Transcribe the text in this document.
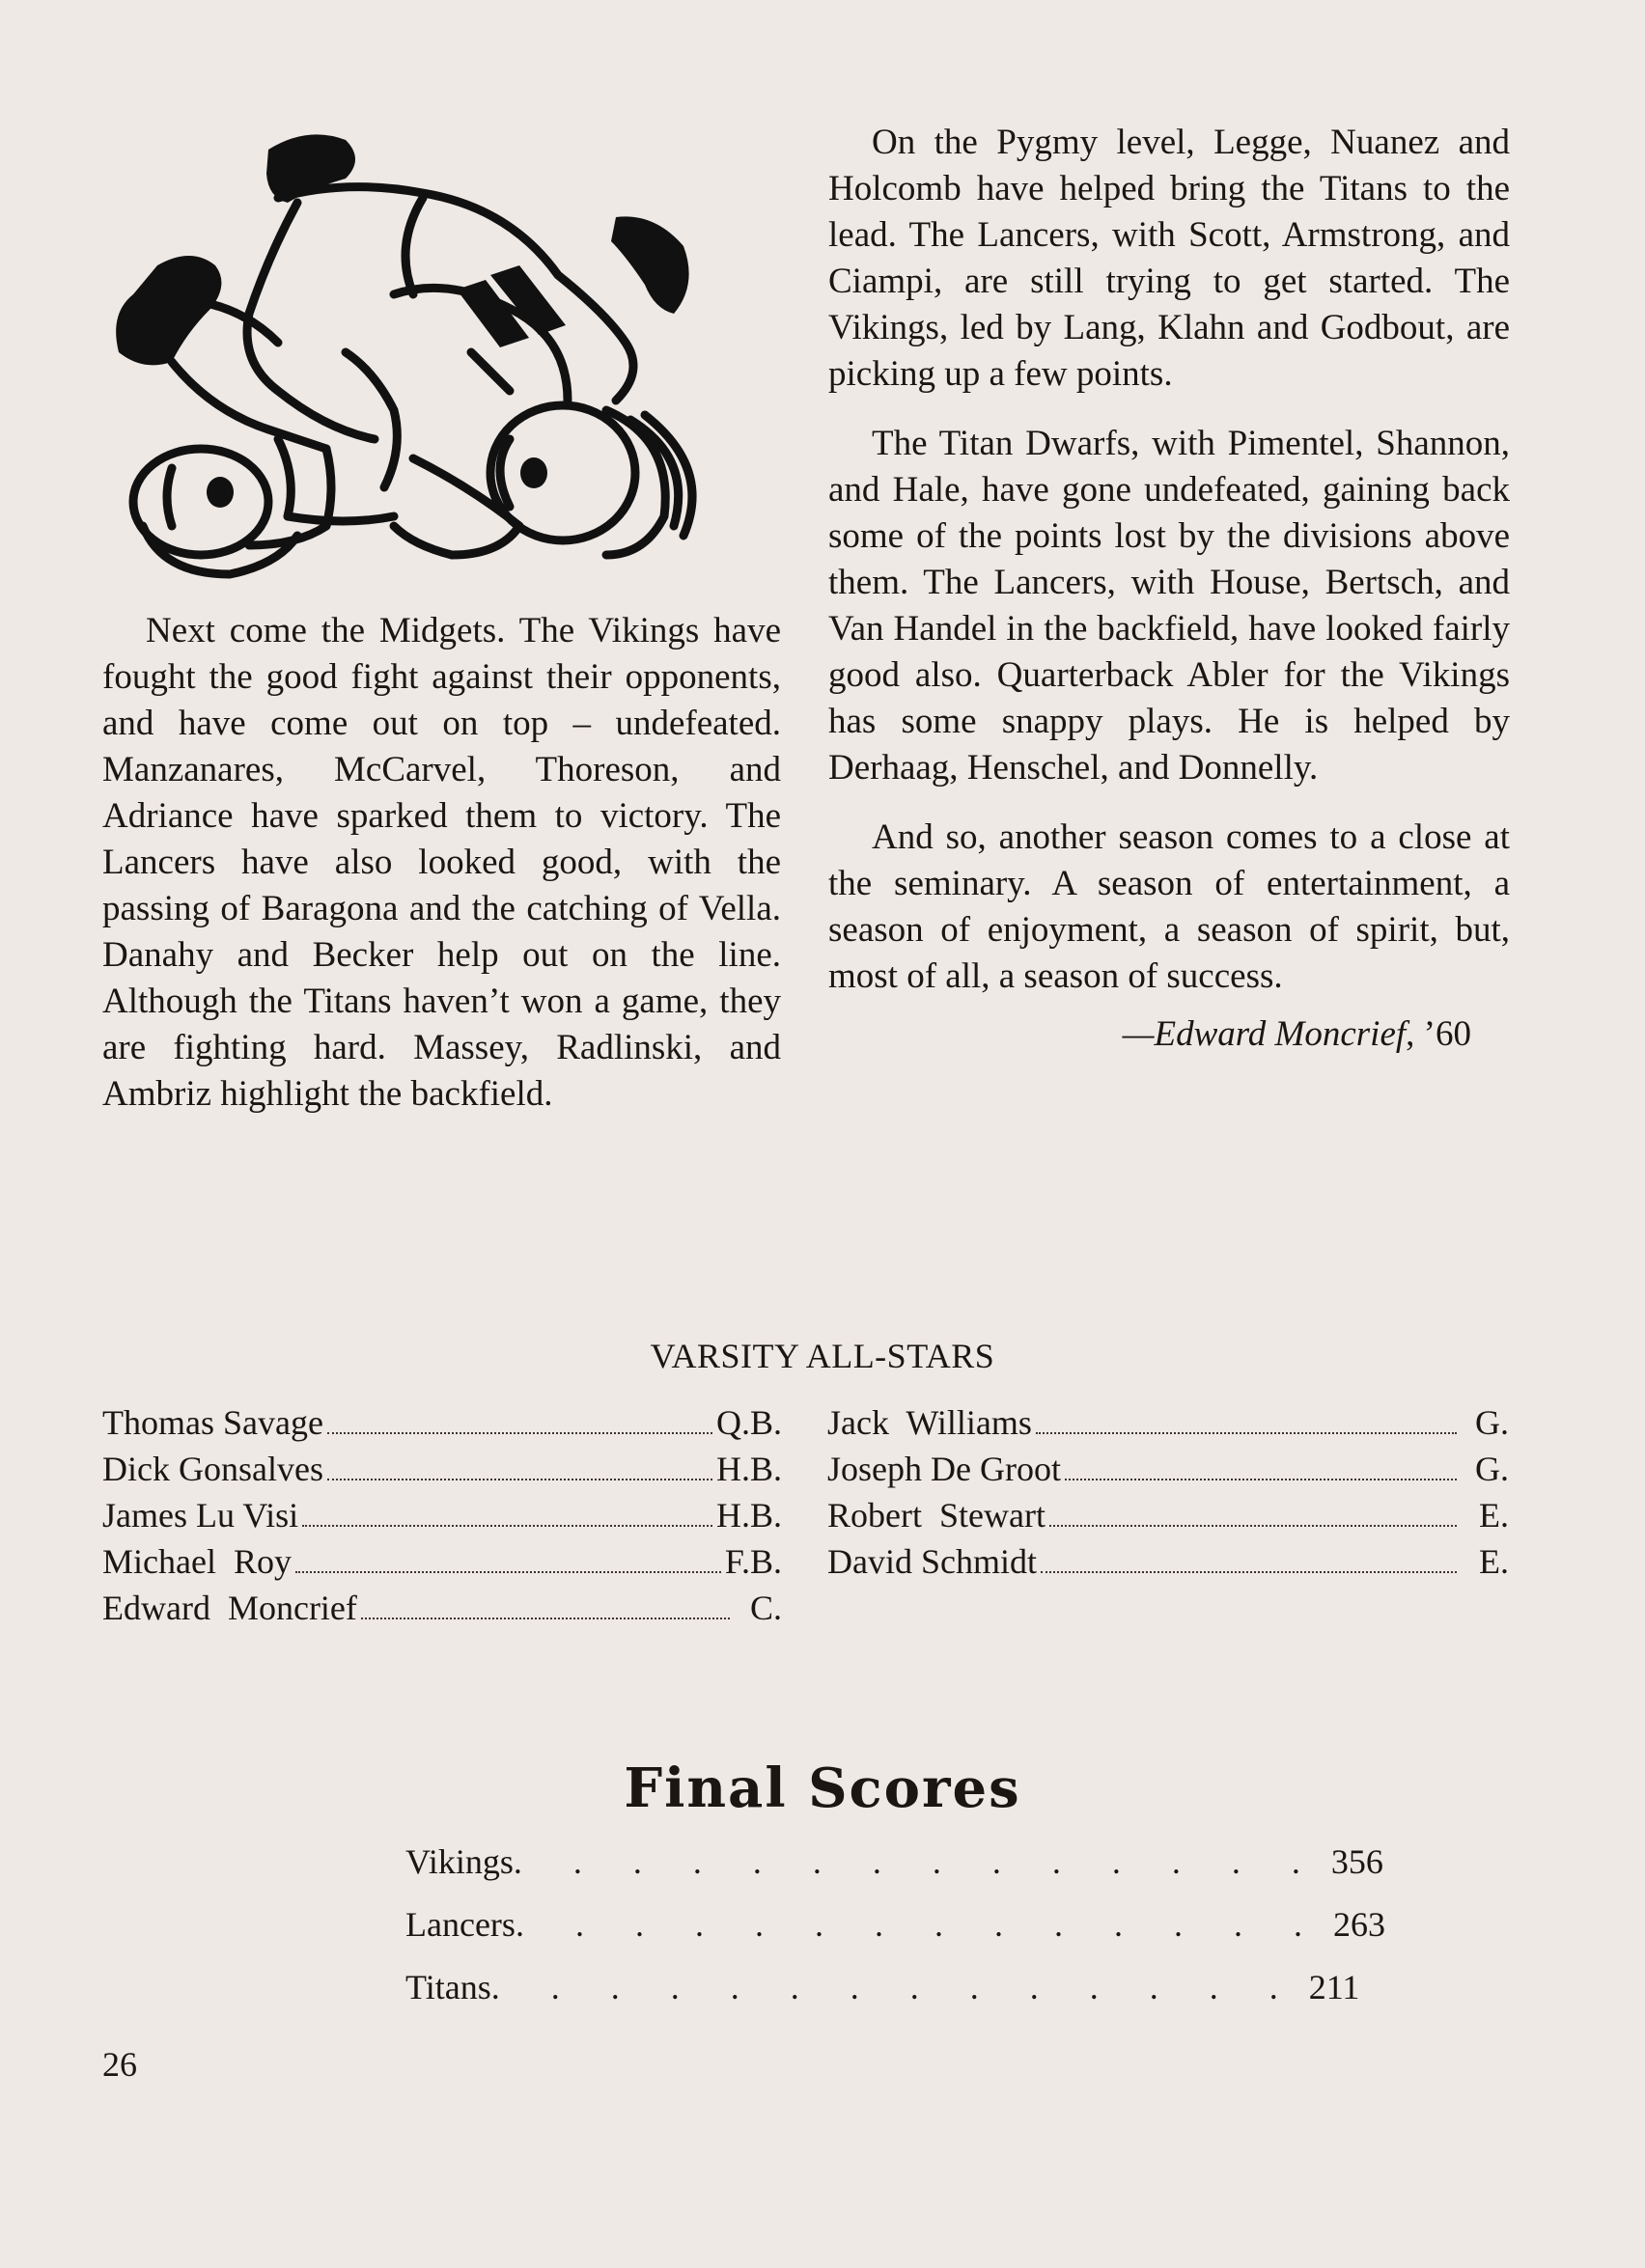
Next come the Midgets. The Vikings have fought the good fight against their opponents, and have come out on top – undefeated. Manzanares, McCarvel, Thoreson, and Adriance have sparked them to victory. The Lancers have also looked good, with the passing of Baragona and the catching of Vella. Danahy and Becker help out on the line. Although the Titans haven’t won a game, they are fighting hard. Massey, Radlinski, and Ambriz highlight the backfield.

On the Pygmy level, Legge, Nuanez and Holcomb have helped bring the Titans to the lead. The Lancers, with Scott, Armstrong, and Ciampi, are still trying to get started. The Vikings, led by Lang, Klahn and Godbout, are picking up a few points.

The Titan Dwarfs, with Pimentel, Shannon, and Hale, have gone undefeated, gaining back some of the points lost by the divisions above them. The Lancers, with House, Bertsch, and Van Handel in the backfield, have looked fairly good also. Quarterback Abler for the Vikings has some snappy plays. He is helped by Derhaag, Henschel, and Donnelly.

And so, another season comes to a close at the seminary. A season of entertainment, a season of enjoyment, a season of spirit, but, most of all, a season of success.

—Edward Moncrief, ’60
VARSITY ALL-STARS
Thomas Savage	Q.B.
Dick Gonsalves	H.B.
James Lu Visi	H.B.
Michael  Roy	F.B.
Edward  Moncrief	C.
Jack  Williams	G.
Joseph De Groot	G.
Robert  Stewart	E.
David Schmidt	E.
Final Scores
Vikings . . . . . . . . . . . . . . 356
Lancers . . . . . . . . . . . . . . 263
Titans . . . . . . . . . . . . . . 211
26
